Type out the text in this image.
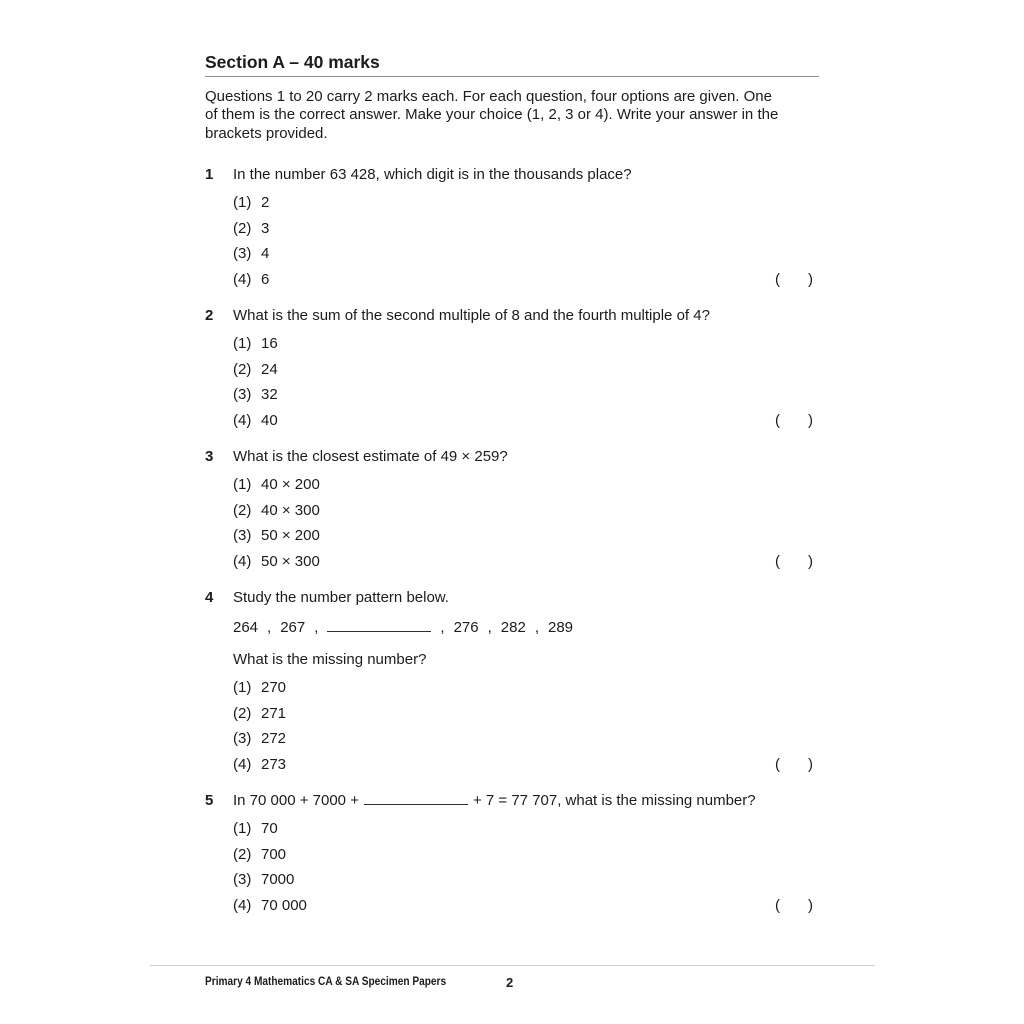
Section A – 40 marks
Questions 1 to 20 carry 2 marks each. For each question, four options are given. One
of them is the correct answer. Make your choice (1, 2, 3 or 4). Write your answer in the
brackets provided.
1	In the number 63 428, which digit is in the thousands place?
(1) 2
(2) 3
(3) 4
(4) 6	( )
2	What is the sum of the second multiple of 8 and the fourth multiple of 4?
(1) 16
(2) 24
(3) 32
(4) 40	( )
3	What is the closest estimate of 49 × 259?
(1) 40 × 200
(2) 40 × 300
(3) 50 × 200
(4) 50 × 300	( )
4	Study the number pattern below.
264 , 267 ,	, 276 , 282 , 289
What is the missing number?
(1) 270
(2) 271
(3) 272
(4) 273	( )
5	In 70 000 + 7000 +	+ 7 = 77 707, what is the missing number?
(1) 70
(2) 700
(3) 7000
(4) 70 000	( )
Primary 4 Mathematics CA & SA Specimen Papers	2
